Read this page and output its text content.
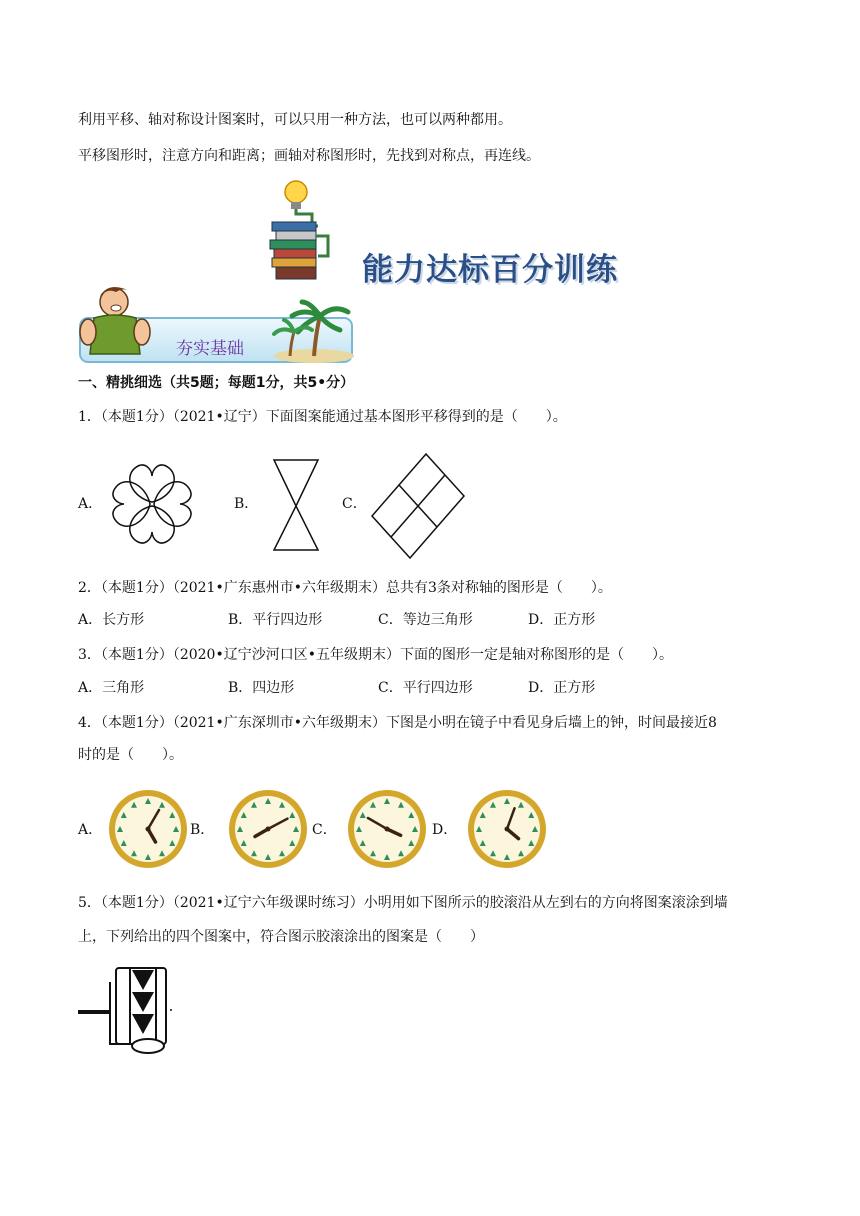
利用平移、轴对称设计图案时，可以只用一种方法，也可以两种都用。
平移图形时，注意方向和距离；画轴对称图形时，先找到对称点，再连线。
能力达标百分训练
夯实基础
一、精挑细选（共5题；每题1分，共5•分）
1．（本题1分）（2021•辽宁）下面图案能通过基本图形平移得到的是（　　）。
A．	B．	C．
2．（本题1分）（2021•广东惠州市•六年级期末）总共有3条对称轴的图形是（　　）。
A．长方形	B．平行四边形	C．等边三角形	D．正方形
3．（本题1分）（2020•辽宁沙河口区•五年级期末）下面的图形一定是轴对称图形的是（　　）。
A．三角形	B．四边形	C．平行四边形	D．正方形
4．（本题1分）（2021•广东深圳市•六年级期末）下图是小明在镜子中看见身后墙上的钟，时间最接近8
时的是（　　）。
A．	B．	C．	D．
5．（本题1分）（2021•辽宁六年级课时练习）小明用如下图所示的胶滚沿从左到右的方向将图案滚涂到墙
上，下列给出的四个图案中，符合图示胶滚涂出的图案是（　　）
